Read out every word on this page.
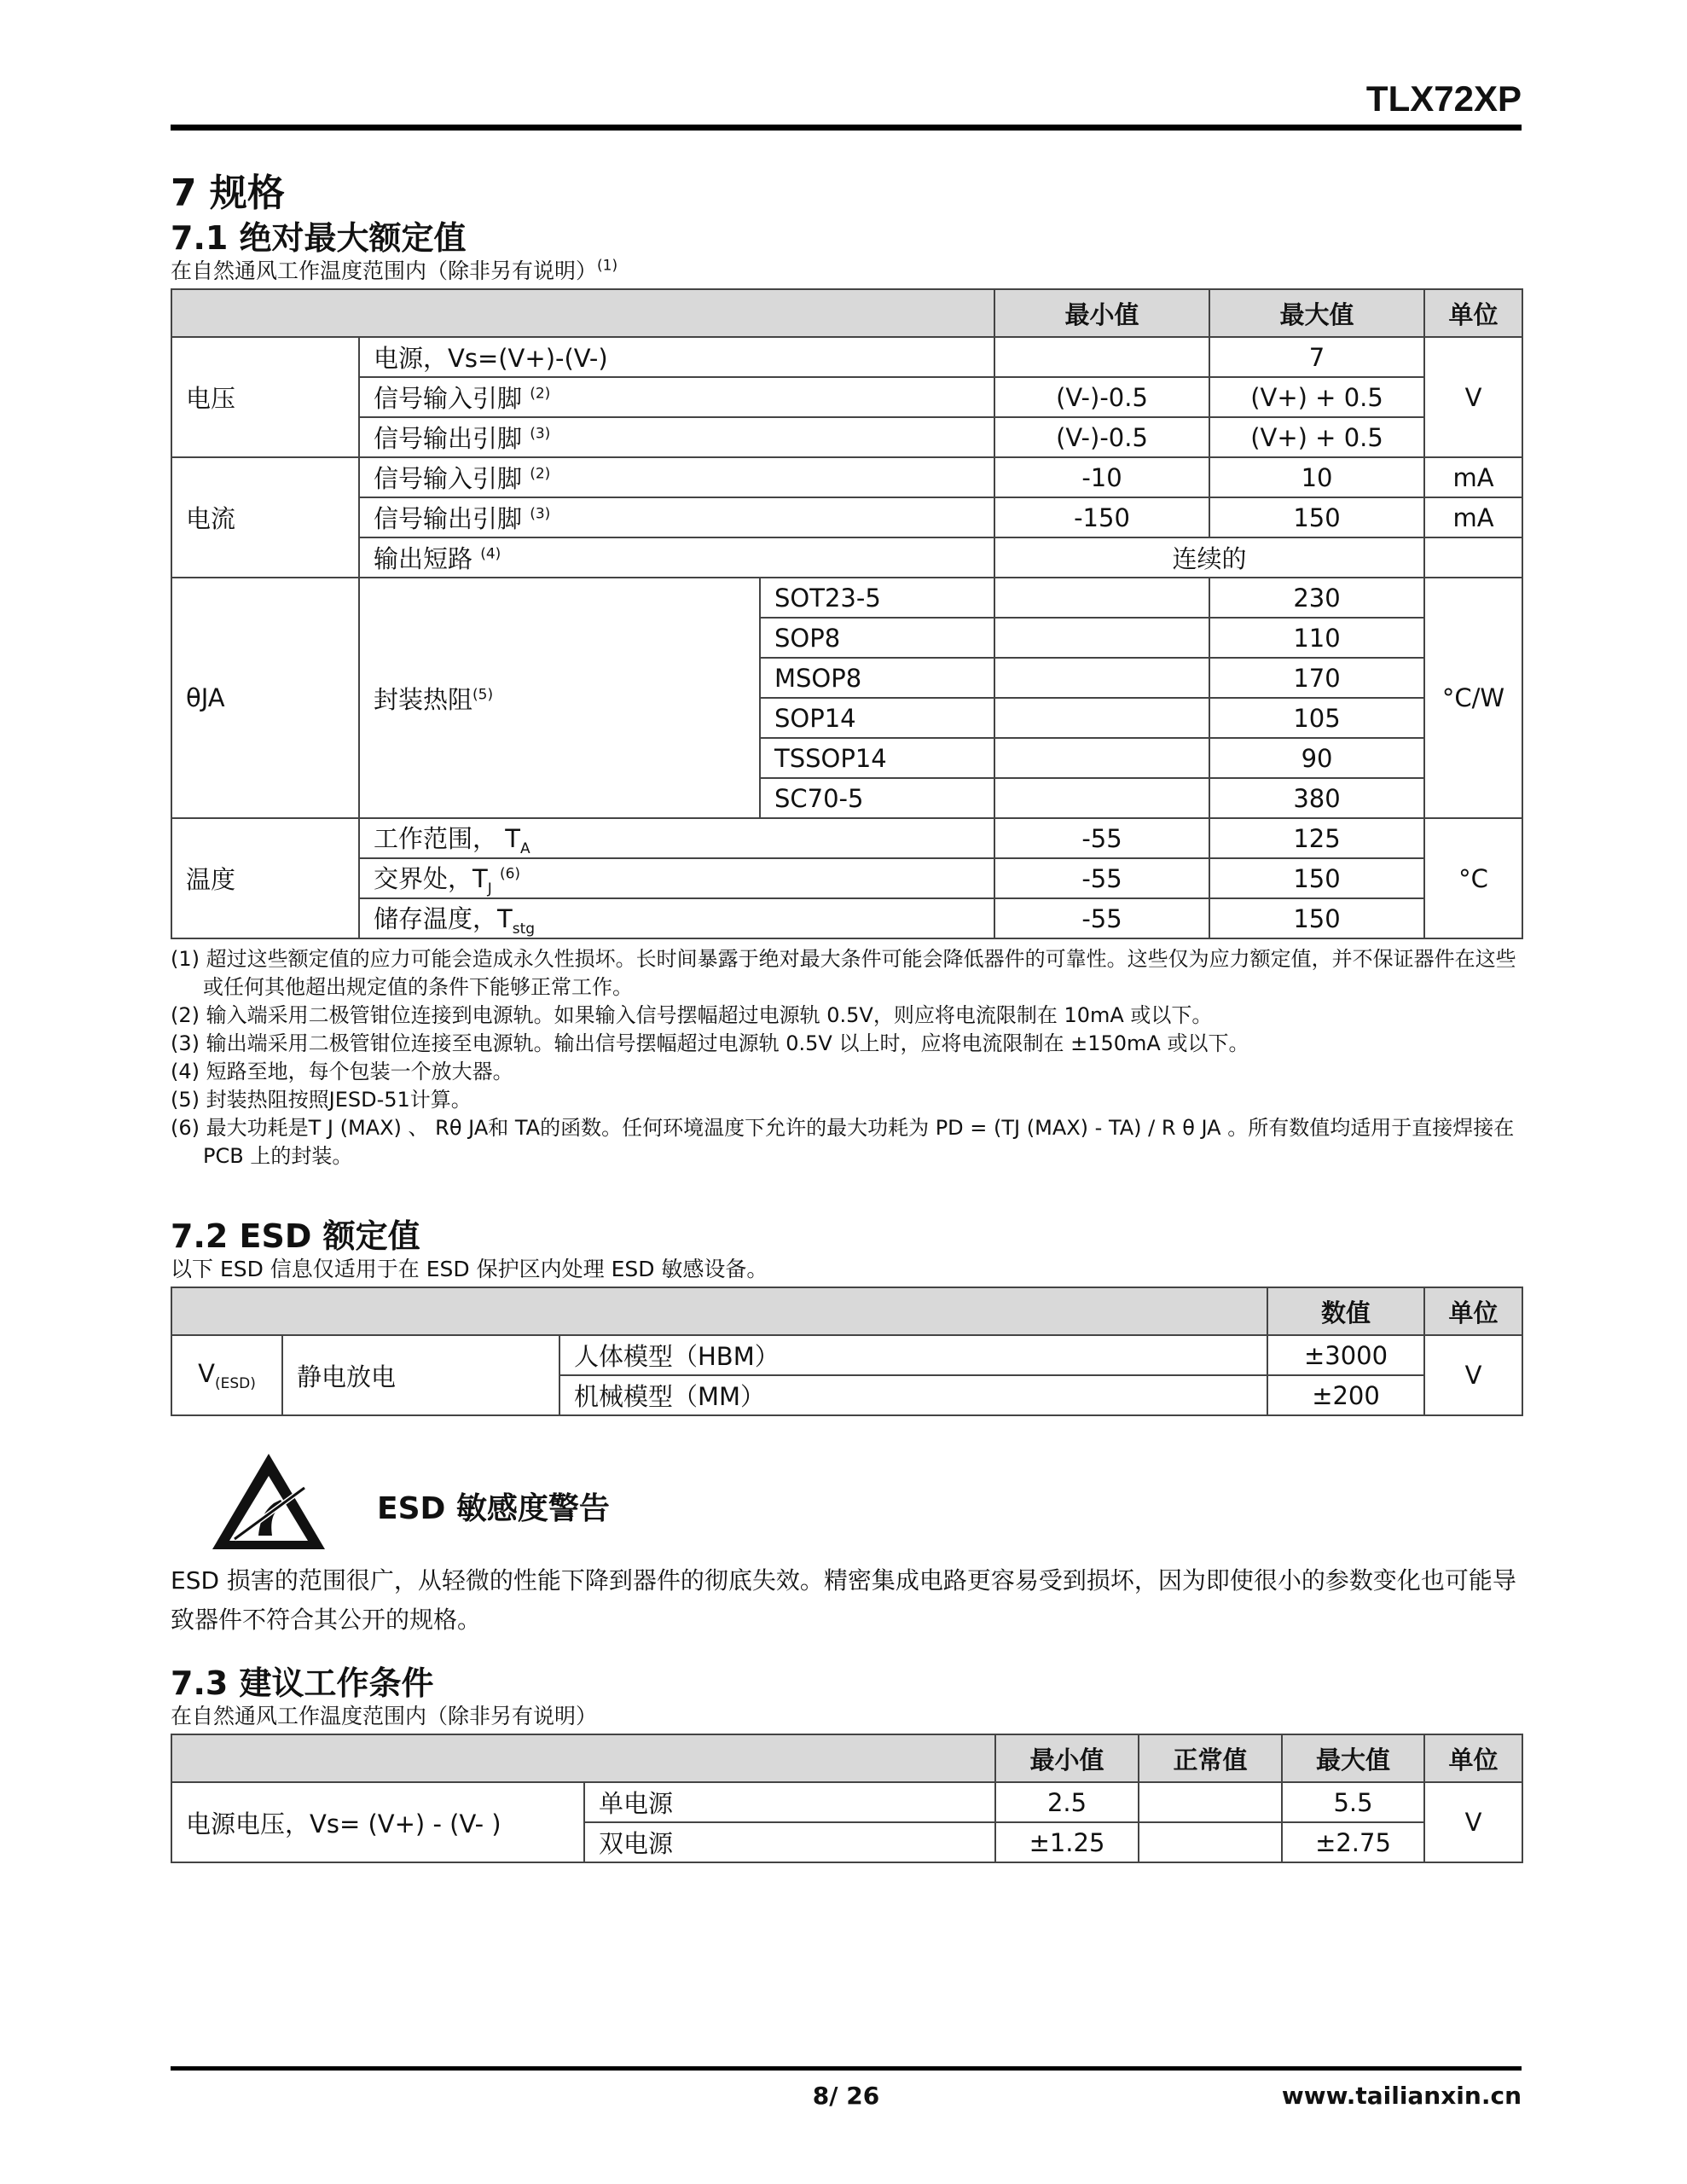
TLX72XP
7 规格
7.1 绝对最大额定值
在自然通风工作温度范围内（除非另有说明）$^{(1)}$
			最小值	最大值	单位
电压	电源，Vs=(V+)-(V-)			7	V
	信号输入引脚 $^{(2)}$		(V-)-0.5	(V+) + 0.5	
	信号输出引脚 $^{(3)}$		(V-)-0.5	(V+) + 0.5	
电流	信号输入引脚 $^{(2)}$		-10	10	mA
	信号输出引脚 $^{(3)}$		-150	150	mA
	输出短路 $^{(4)}$		连续的		
θJA	封装热阻$^{(5)}$	SOT23-5		230	°C/W
		SOP8		110	
		MSOP8		170	
		SOP14		105	
		TSSOP14		90	
		SC70-5		380	
温度	工作范围， $T_A$		-55	125	°C
	交界处，$T_J$ $^{(6)}$		-55	150	
	储存温度，$T_{stg}$		-55	150	
(1) 超过这些额定值的应力可能会造成永久性损坏。长时间暴露于绝对最大条件可能会降低器件的可靠性。这些仅为应力额定值，并不保证器件在这些或任何其他超出规定值的条件下能够正常工作。
(2) 输入端采用二极管钳位连接到电源轨。如果输入信号摆幅超过电源轨 0.5V，则应将电流限制在 10mA 或以下。
(3) 输出端采用二极管钳位连接至电源轨。输出信号摆幅超过电源轨 0.5V 以上时，应将电流限制在 ±150mA 或以下。
(4) 短路至地，每个包装一个放大器。
(5) 封装热阻按照JESD-51计算。
(6) 最大功耗是T J (MAX) 、 Rθ JA和 TA的函数。任何环境温度下允许的最大功耗为 PD = (TJ (MAX) - TA) / R θ JA 。所有数值均适用于直接焊接在 PCB 上的封装。
7.2 ESD 额定值
以下 ESD 信息仅适用于在 ESD 保护区内处理 ESD 敏感设备。
			数值	单位
$V_{(ESD)}$	静电放电	人体模型（HBM）	±3000	V
		机械模型（MM）	±200	
ESD 敏感度警告
ESD 损害的范围很广，从轻微的性能下降到器件的彻底失效。精密集成电路更容易受到损坏，因为即使很小的参数变化也可能导致器件不符合其公开的规格。
7.3 建议工作条件
在自然通风工作温度范围内（除非另有说明）
		最小值	正常值	最大值	单位
电源电压，Vs= (V+) - (V- )	单电源	2.5		5.5	V
	双电源	±1.25		±2.75	
8/ 26	www.tailianxin.cn
